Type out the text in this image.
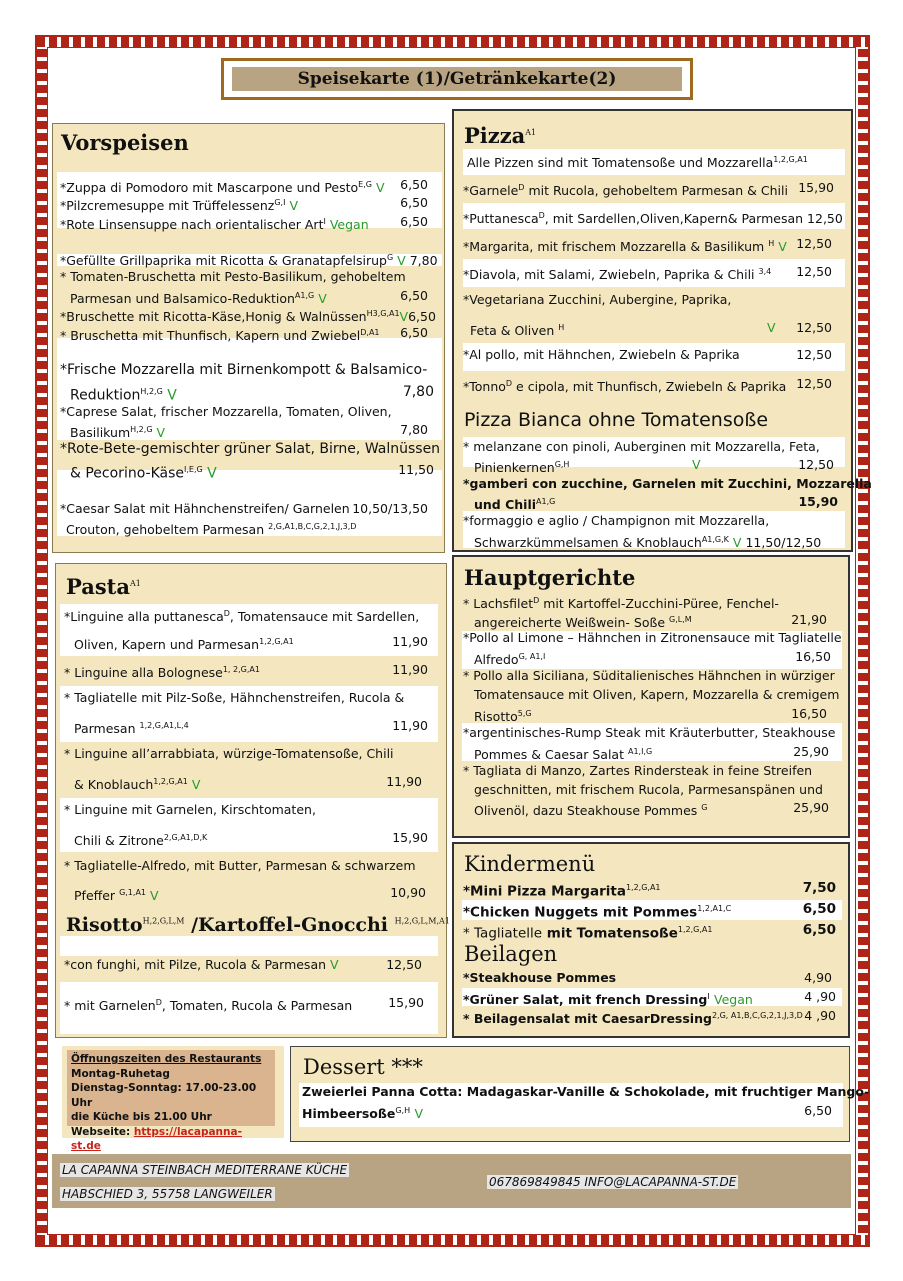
Speisekarte (1)/Getränkekarte(2)
Vorspeisen
*Zuppa di Pomodoro mit Mascarpone und Pesto$^{E,G}$ V	6,50
*Pilzcremesuppe mit Trüffelessenz$^{G,I}$ V	6,50
*Rote Linsensuppe nach orientalischer Art$^I$ Vegan	6,50
*Gefüllte Grillpaprika mit Ricotta & Granatapfelsirup$^G$ V 7,80
* Tomaten-Bruschetta mit Pesto-Basilikum, gehobeltem
Parmesan und Balsamico-Reduktion$^{A1,G}$ V	6,50
*Bruschette mit Ricotta-Käse,Honig & Walnüssen$^{H3,G,A1}$V6,50
* Bruschetta mit Thunfisch, Kapern und Zwiebel$^{D,A1}$	6,50
*Frische Mozzarella mit Birnenkompott & Balsamico-
Reduktion$^{H,2,G}$ V	7,80
*Caprese Salat, frischer Mozzarella, Tomaten, Oliven,
Basilikum$^{H,2,G}$ V	7,80
*Rote-Bete-gemischter grüner Salat, Birne, Walnüssen
& Pecorino-Käse$^{I,E,G}$ V	11,50
*Caesar Salat mit Hähnchenstreifen/ Garnelen 10,50/13,50
Crouton, gehobeltem Parmesan $^{2,G,A1,B,C,G,2,1,J,3,D}$
Pizza$^{A1}$
Pizza Bianca ohne Tomatensoße
Alle Pizzen sind mit Tomatensoße und Mozzarella$^{1,2,G,A1}$
*Garnele$^D$ mit Rucola, gehobeltem Parmesan & Chili 15,90
*Puttanesca$^D$, mit Sardellen,Oliven,Kapern& Parmesan 12,50
*Margarita, mit frischem Mozzarella & Basilikum $^H$ V 12,50
*Diavola, mit Salami, Zwiebeln, Paprika & Chili $^{3,4}$	12,50
*Vegetariana Zucchini, Aubergine, Paprika,
Feta & Oliven $^H$	V	12,50
*Al pollo, mit Hähnchen, Zwiebeln & Paprika	12,50
*Tonno$^D$ e cipola, mit Thunfisch, Zwiebeln & Paprika 12,50
* melanzane con pinoli, Auberginen mit Mozzarella, Feta,
Pinienkernen$^{G,H}$	V	12,50
*gamberi con zucchine, Garnelen mit Zucchini, Mozzarella
und Chili$^{A1,G}$	15,90
*formaggio e aglio / Champignon mit Mozzarella,
Schwarzkümmelsamen & Knoblauch$^{A1,G,K}$ V 11,50/12,50
Pasta$^{A1}$
Risotto$^{H,2,G,L,M}$ /Kartoffel-Gnocchi $^{H,2,G,L,M,A1}$
*Linguine alla puttanesca$^D$, Tomatensauce mit Sardellen,
Oliven, Kapern und Parmesan$^{1,2,G,A1}$	11,90
* Linguine alla Bolognese$^{1, 2,G,A1}$	11,90
* Tagliatelle mit Pilz-Soße, Hähnchenstreifen, Rucola &
Parmesan $^{1,2,G,A1,L,4}$	11,90
* Linguine all’arrabbiata, würzige-Tomatensoße, Chili
& Knoblauch$^{1,2,G,A1}$ V	11,90
* Linguine mit Garnelen, Kirschtomaten,
Chili & Zitrone$^{2,G,A1,D,K}$	15,90
* Tagliatelle-Alfredo, mit Butter, Parmesan & schwarzem
Pfeffer $^{G,1,A1}$ V	10,90
*con funghi, mit Pilze, Rucola & Parmesan V	12,50
* mit Garnelen$^D$, Tomaten, Rucola & Parmesan	15,90
Hauptgerichte
* Lachsfilet$^D$ mit Kartoffel-Zucchini-Püree, Fenchel-
angereicherte Weißwein- Soße $^{G,L,M}$	21,90
*Pollo al Limone – Hähnchen in Zitronensauce mit Tagliatelle
Alfredo$^{G, A1,I}$	16,50
* Pollo alla Siciliana, Süditalienisches Hähnchen in würziger
Tomatensauce mit Oliven, Kapern, Mozzarella & cremigem
Risotto$^{5,G}$	16,50
*argentinisches-Rump Steak mit Kräuterbutter, Steakhouse
Pommes & Caesar Salat $^{A1,I,G}$	25,90
* Tagliata di Manzo, Zartes Rindersteak in feine Streifen
geschnitten, mit frischem Rucola, Parmesanspänen und
Olivenöl, dazu Steakhouse Pommes $^G$	25,90
Kindermenü
Beilagen
*Mini Pizza Margarita$^{1,2,G,A1}$	7,50
*Chicken Nuggets mit Pommes$^{1,2,A1,C}$	6,50
* Tagliatelle mit Tomatensoße$^{1,2,G,A1}$	6,50
*Steakhouse Pommes	4,90
*Grüner Salat, mit french Dressing$^I$ Vegan	4 ,90
* Beilagensalat mit CaesarDressing$^{2,G, A1,B,C,G,2,1,J,3,D}$ 4 ,90
Öffnungszeiten des Restaurants
Montag-Ruhetag
Dienstag-Sonntag: 17.00-23.00 Uhr
die Küche bis 21.00 Uhr
Webseite: https://lacapanna-st.de
Dessert ***
Zweierlei Panna Cotta: Madagaskar-Vanille & Schokolade, mit fruchtiger Mango-
Himbeersoße$^{G,H}$ V	6,50
LA CAPANNA STEINBACH MEDITERRANE KÜCHE
HABSCHIED 3, 55758 LANGWEILER
067869849845 INFO@LACAPANNA-ST.DE
